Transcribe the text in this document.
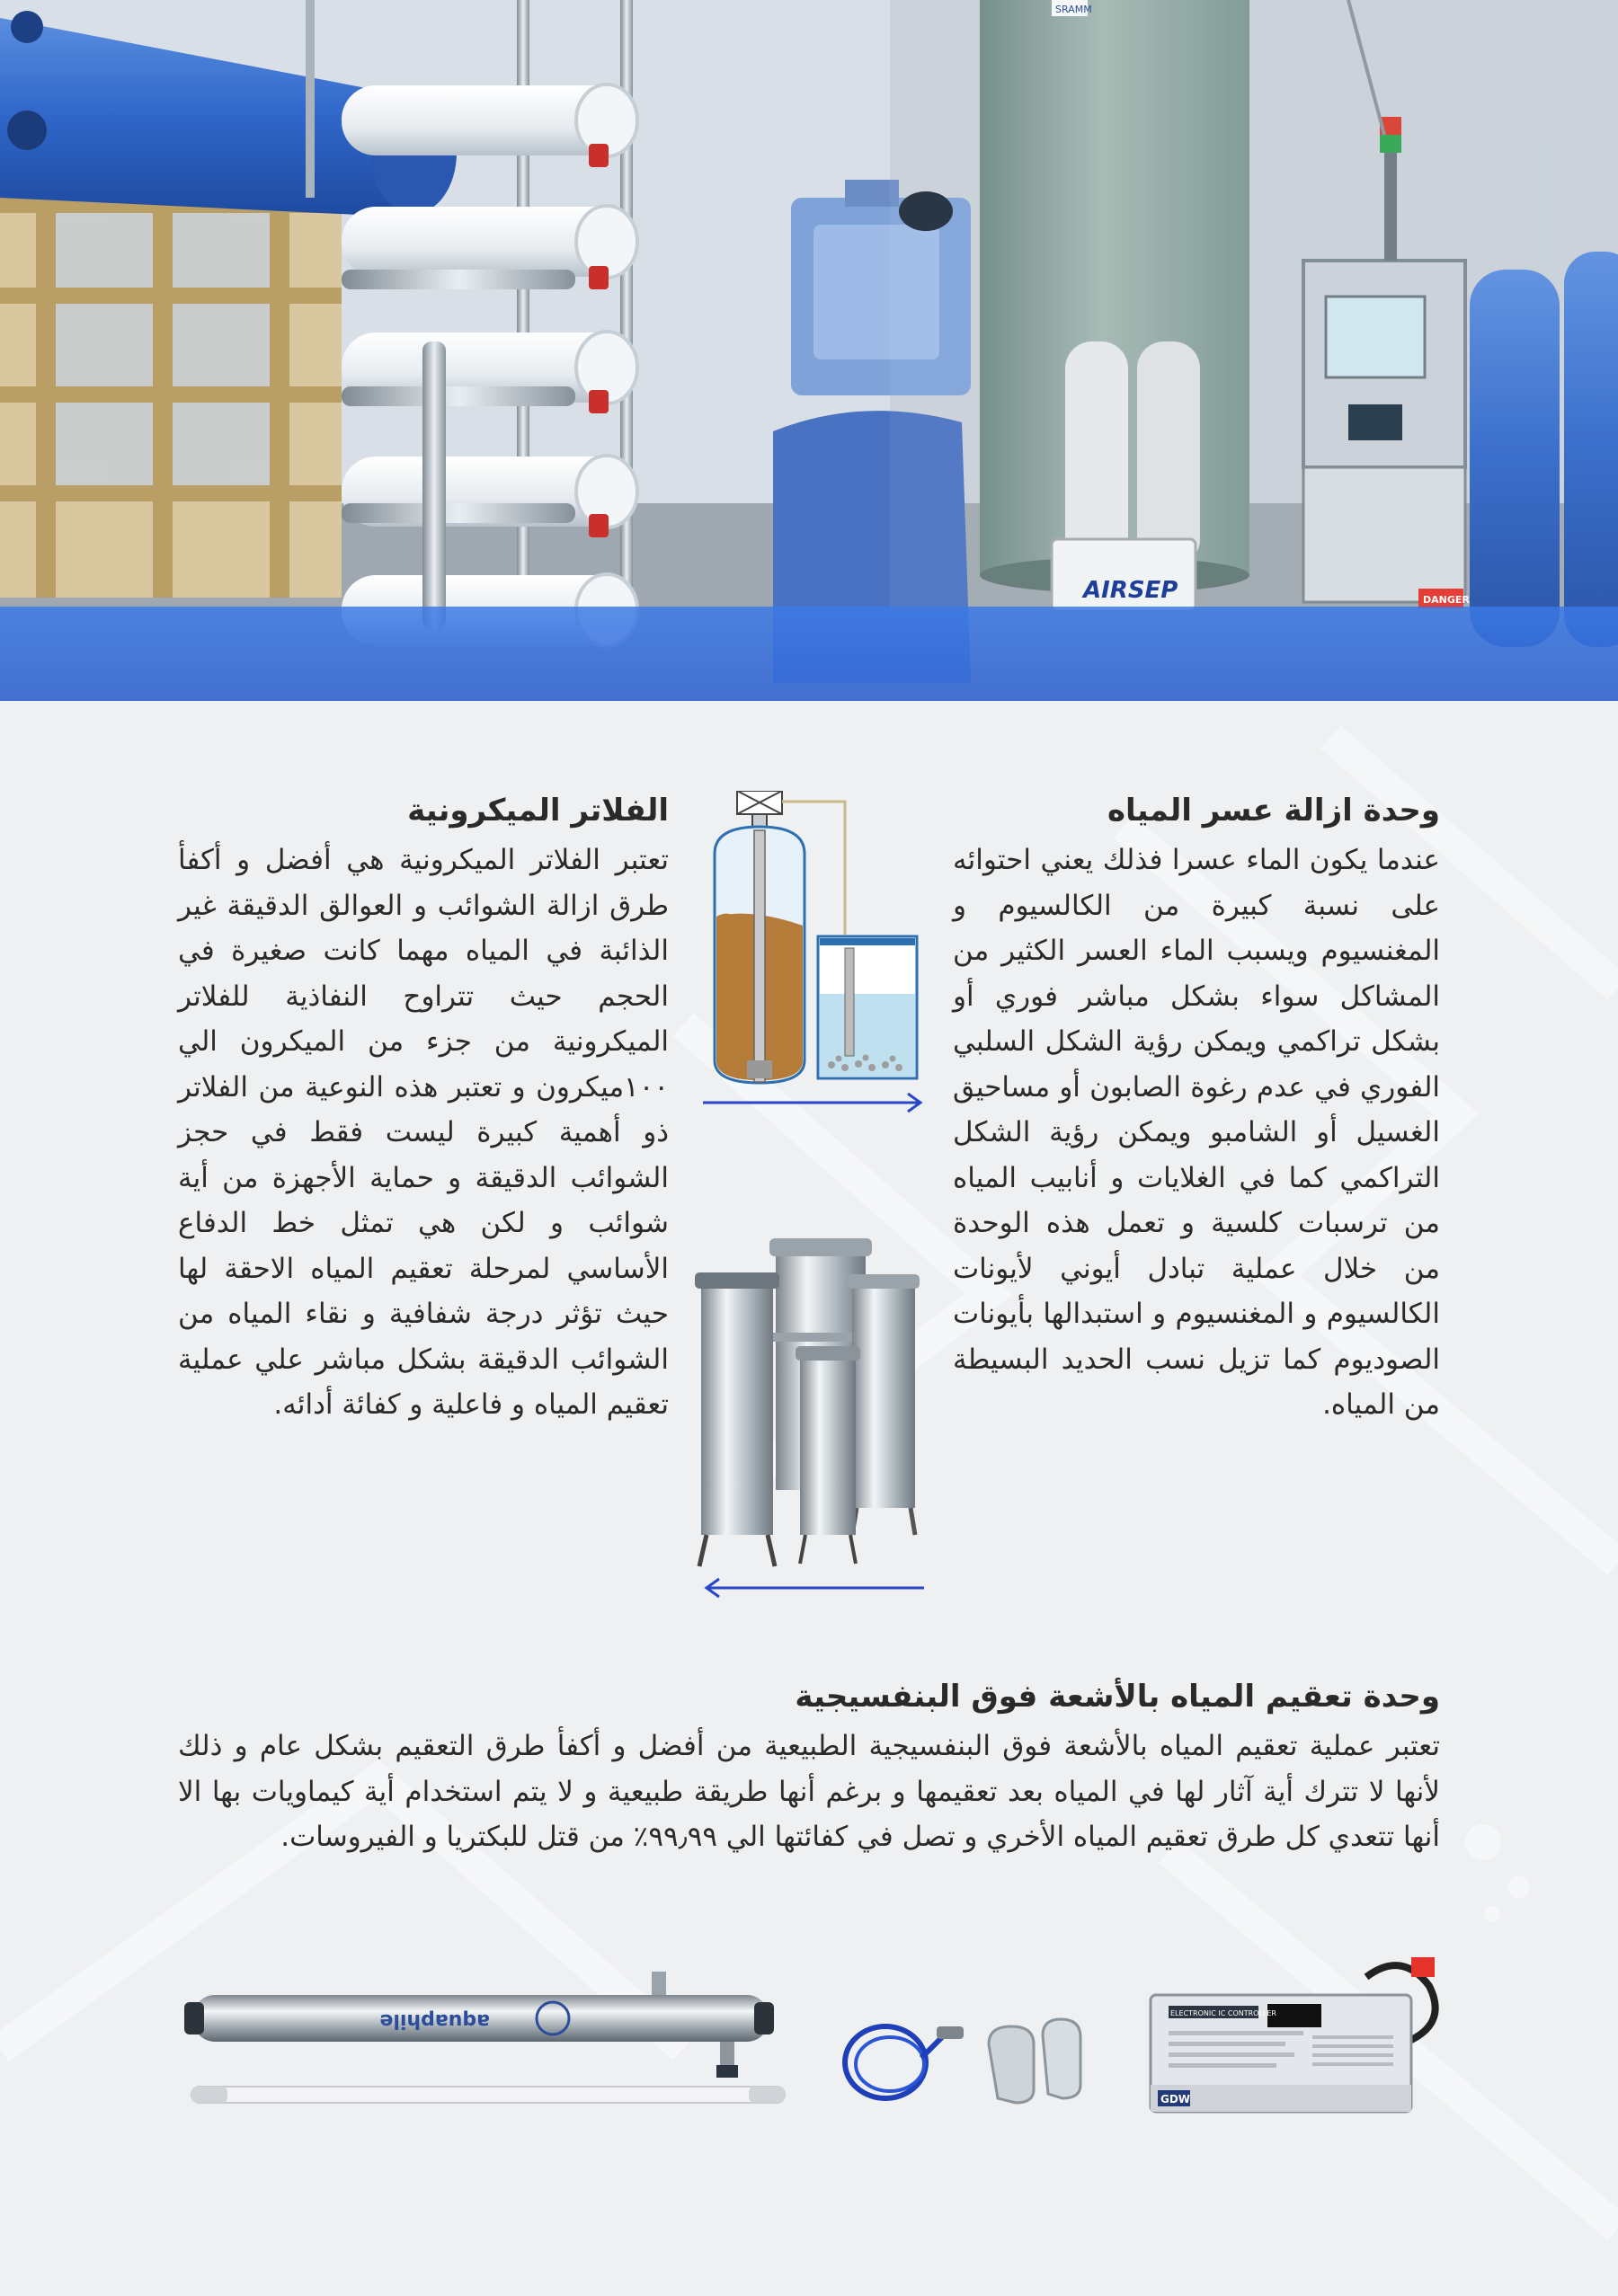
AIRSEP	DANGER
SRAMM
وحدة ازالة عسر المياه

عندما يكون الماء عسرا فذلك يعني احتوائه على نسبة كبيرة من الكالسيوم و المغنسيوم ويسبب الماء العسر الكثير من المشاكل سواء بشكل مباشر فوري أو بشكل تراكمي ويمكن رؤية الشكل السلبي الفوري في عدم رغوة الصابون أو مساحيق الغسيل أو الشامبو ويمكن رؤية الشكل التراكمي كما في الغلايات و أنابيب المياه من ترسبات كلسية و تعمل هذه الوحدة من خلال عملية تبادل أيوني لأيونات الكالسيوم و المغنسيوم و استبدالها بأيونات الصوديوم كما تزيل نسب الحديد البسيطة من المياه.

الفلاتر الميكرونية

تعتبر الفلاتر الميكرونية هي أفضل و أكفأ طرق ازالة الشوائب و العوالق الدقيقة غير الذائبة في المياه مهما كانت صغيرة في الحجم حيث تتراوح النفاذية للفلاتر الميكرونية من جزء من الميكرون الي ١٠٠ميكرون و تعتبر هذه النوعية من الفلاتر ذو أهمية كبيرة ليست فقط في حجز الشوائب الدقيقة و حماية الأجهزة من أية شوائب و لكن هي تمثل خط الدفاع الأساسي لمرحلة تعقيم المياه الاحقة لها حيث تؤثر درجة شفافية و نقاء المياه من الشوائب الدقيقة بشكل مباشر علي عملية تعقيم المياه و فاعلية و كفائة أدائه.

وحدة تعقيم المياه بالأشعة فوق البنفسيجية

تعتبر عملية تعقيم المياه بالأشعة فوق البنفسيجية الطبيعية من أفضل و أكفأ طرق التعقيم بشكل عام و ذلك لأنها لا تترك أية آثار لها في المياه بعد تعقيمها و برغم أنها طريقة طبيعية و لا يتم استخدام أية كيماويات بها الا أنها تتعدي كل طرق تعقيم المياه الأخري و تصل في كفائتها الي ٩٩٫٩٩٪ من قتل للبكتريا و الفيروسات.

aquaphile	ELECTRONIC IC CONTROLLER
GDW
